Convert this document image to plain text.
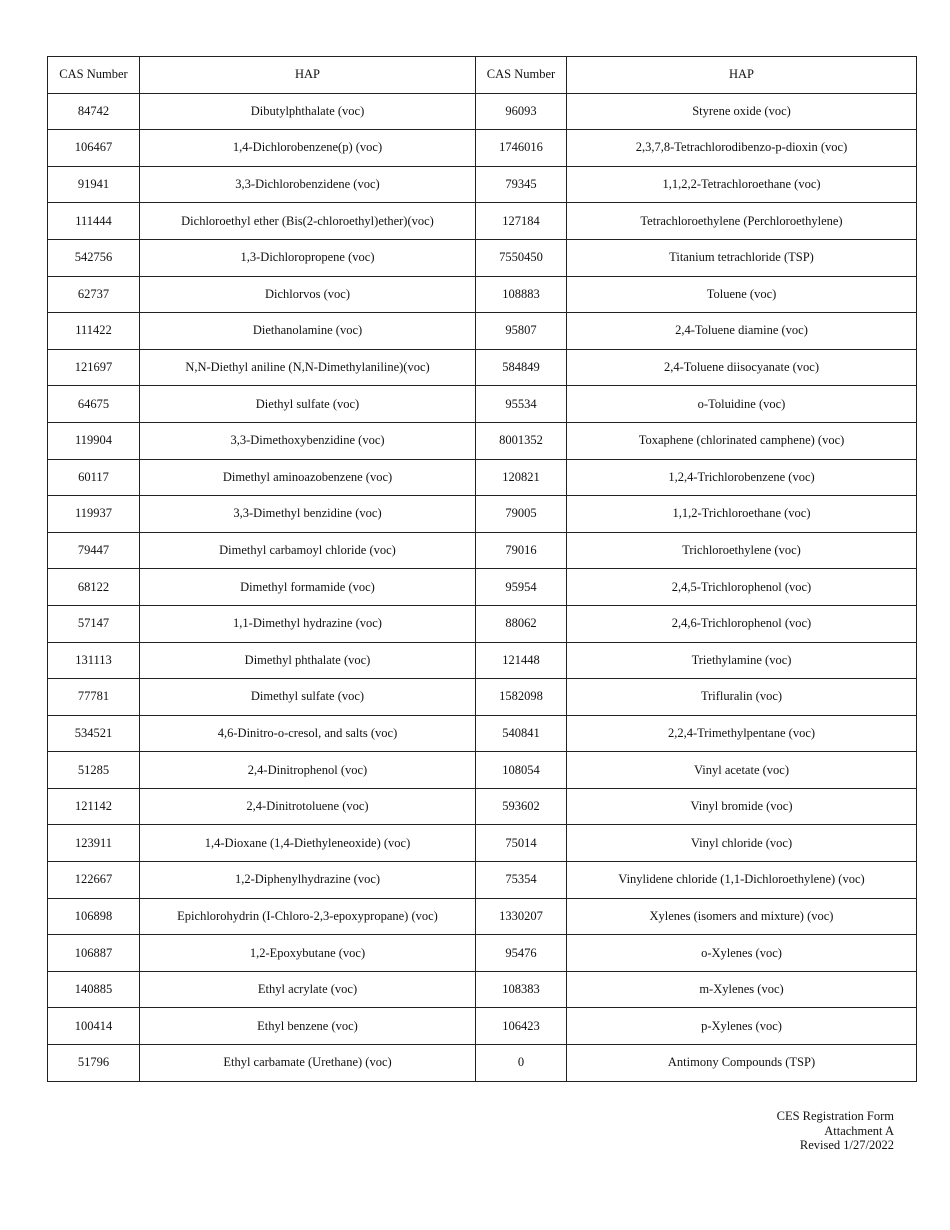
CAS Number	HAP	CAS Number	HAP
84742	Dibutylphthalate (voc)	96093	Styrene oxide (voc)
106467	1,4-Dichlorobenzene(p) (voc)	1746016	2,3,7,8-Tetrachlorodibenzo-p-dioxin (voc)
91941	3,3-Dichlorobenzidene (voc)	79345	1,1,2,2-Tetrachloroethane (voc)
111444	Dichloroethyl ether (Bis(2-chloroethyl)ether)(voc)	127184	Tetrachloroethylene (Perchloroethylene)
542756	1,3-Dichloropropene (voc)	7550450	Titanium tetrachloride (TSP)
62737	Dichlorvos (voc)	108883	Toluene (voc)
111422	Diethanolamine (voc)	95807	2,4-Toluene diamine (voc)
121697	N,N-Diethyl aniline (N,N-Dimethylaniline)(voc)	584849	2,4-Toluene diisocyanate (voc)
64675	Diethyl sulfate (voc)	95534	o-Toluidine (voc)
119904	3,3-Dimethoxybenzidine (voc)	8001352	Toxaphene (chlorinated camphene) (voc)
60117	Dimethyl aminoazobenzene (voc)	120821	1,2,4-Trichlorobenzene (voc)
119937	3,3-Dimethyl benzidine (voc)	79005	1,1,2-Trichloroethane (voc)
79447	Dimethyl carbamoyl chloride (voc)	79016	Trichloroethylene (voc)
68122	Dimethyl formamide (voc)	95954	2,4,5-Trichlorophenol (voc)
57147	1,1-Dimethyl hydrazine (voc)	88062	2,4,6-Trichlorophenol (voc)
131113	Dimethyl phthalate (voc)	121448	Triethylamine (voc)
77781	Dimethyl sulfate (voc)	1582098	Trifluralin (voc)
534521	4,6-Dinitro-o-cresol, and salts (voc)	540841	2,2,4-Trimethylpentane (voc)
51285	2,4-Dinitrophenol (voc)	108054	Vinyl acetate (voc)
121142	2,4-Dinitrotoluene (voc)	593602	Vinyl bromide (voc)
123911	1,4-Dioxane (1,4-Diethyleneoxide) (voc)	75014	Vinyl chloride (voc)
122667	1,2-Diphenylhydrazine (voc)	75354	Vinylidene chloride (1,1-Dichloroethylene) (voc)
106898	Epichlorohydrin (I-Chloro-2,3-epoxypropane) (voc)	1330207	Xylenes (isomers and mixture) (voc)
106887	1,2-Epoxybutane (voc)	95476	o-Xylenes (voc)
140885	Ethyl acrylate (voc)	108383	m-Xylenes (voc)
100414	Ethyl benzene (voc)	106423	p-Xylenes (voc)
51796	Ethyl carbamate (Urethane) (voc)	0	Antimony Compounds (TSP)
CES Registration Form
Attachment A
Revised 1/27/2022
